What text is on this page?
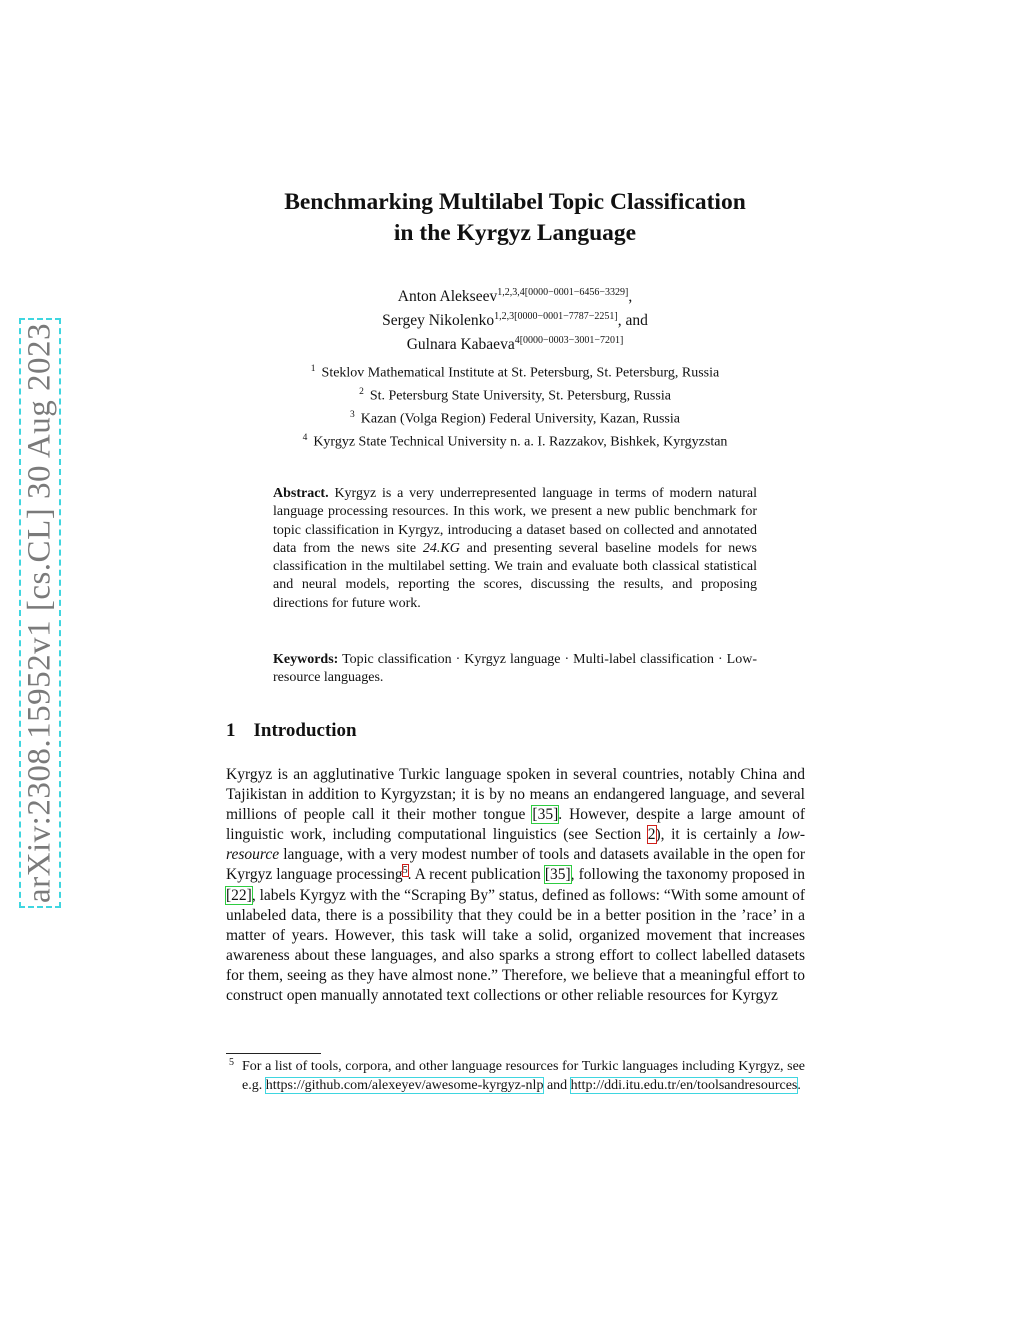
arXiv:2308.15952v1 [cs.CL] 30 Aug 2023
Benchmarking Multilabel Topic Classification
in the Kyrgyz Language
Anton Alekseev$^{1,2,3,4[0000-0001-6456-3329]}$,
Sergey Nikolenko$^{1,2,3[0000-0001-7787-2251]}$, and
Gulnara Kabaeva$^{4[0000-0003-3001-7201]}$
$^1$ Steklov Mathematical Institute at St. Petersburg, St. Petersburg, Russia
$^2$ St. Petersburg State University, St. Petersburg, Russia
$^3$ Kazan (Volga Region) Federal University, Kazan, Russia
$^4$ Kyrgyz State Technical University n. a. I. Razzakov, Bishkek, Kyrgyzstan
Abstract. Kyrgyz is a very underrepresented language in terms of modern natural language processing resources. In this work, we present a new public benchmark for topic classification in Kyrgyz, introducing a dataset based on collected and annotated data from the news site 24.KG and presenting several baseline models for news classification in the multilabel setting. We train and evaluate both classical statistical and neural models, reporting the scores, discussing the results, and proposing directions for future work.
Keywords: Topic classification · Kyrgyz language · Multi-label classification · Low-resource languages.
1 Introduction
Kyrgyz is an agglutinative Turkic language spoken in several countries, notably China and Tajikistan in addition to Kyrgyzstan; it is by no means an endangered language, and several millions of people call it their mother tongue [35]. However, despite a large amount of linguistic work, including computational linguistics (see Section 2), it is certainly a low-resource language, with a very modest number of tools and datasets available in the open for Kyrgyz language processing$^5$. A recent publication [35], following the taxonomy proposed in [22], labels Kyrgyz with the “Scraping By” status, defined as follows: “With some amount of unlabeled data, there is a possibility that they could be in a better position in the ’race’ in a matter of years. However, this task will take a solid, organized movement that increases awareness about these languages, and also sparks a strong effort to collect labelled datasets for them, seeing as they have almost none.” Therefore, we believe that a meaningful effort to construct open manually annotated text collections or other reliable resources for Kyrgyz
5 For a list of tools, corpora, and other language resources for Turkic languages including Kyrgyz, see e.g. https://github.com/alexeyev/awesome-kyrgyz-nlp and http://ddi.itu.edu.tr/en/toolsandresources.
